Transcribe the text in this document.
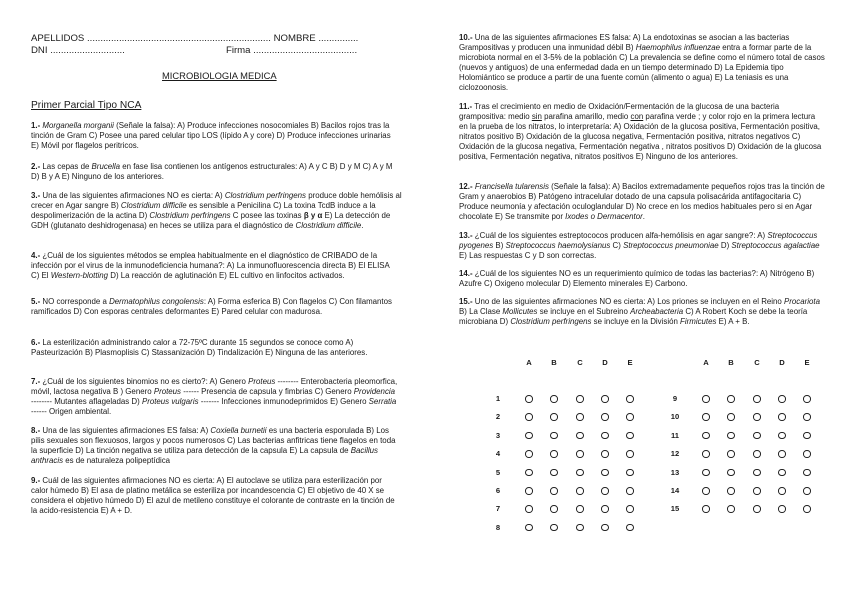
APELLIDOS ..................................................................... NOMBRE ...............
DNI ............................	Firma .......................................
MICROBIOLOGIA MEDICA
Primer Parcial Tipo NCA

1.- Morganella morganii (Señale la falsa): A) Produce infecciones nosocomiales B) Bacilos rojos tras la tinción de Gram C) Posee una pared celular tipo LOS (lípido A y core) D) Produce infecciones urinarias E) Móvil por flagelos peritricos.

2.- Las cepas de Brucella en fase lisa contienen los antígenos estructurales: A) A y C B) D y M C) A y M D) B y A E) Ninguno de los anteriores.

3.- Una de las siguientes afirmaciones NO es cierta: A) Clostridium perfringens produce doble hemólisis al crecer en Agar sangre B) Clostridium difficile es sensible a Penicilina C) La toxina TcdB induce a la despolimerización de la actina D) Clostridium perfringens C posee las toxinas β y α E) La detección de GDH (glutanato deshidrogenasa) en heces se utiliza para el diagnóstico de Clostridium difficile.

4.- ¿Cuál de los siguientes métodos se emplea habitualmente en el diagnóstico de CRIBADO de la infección por el virus de la inmunodeficiencia humana?: A) La inmunofluorescencia directa B) El ELISA C) El Western-blotting D) La reacción de aglutinación E) EL cultivo en linfocitos activados.

5.- NO corresponde a Dermatophilus congolensis: A) Forma esferica B) Con flagelos C) Con filamantos ramificados D) Con esporas centrales deformantes E) Pared celular con madurosa.

6.- La esterilización administrando calor a 72-75ºC durante 15 segundos se conoce como A) Pasteurización B) Plasmoplisis C) Stassanización D) Tindalización E) Ninguna de las anteriores.

7.- ¿Cuál de los siguientes binomios no es cierto?: A) Genero Proteus -------- Enterobacteria pleomorfica, móvil, lactosa negativa B ) Genero Proteus ------ Presencia de capsula y fimbrias C) Genero Providencia -------- Mutantes aflageladas D) Proteus vulgaris ------- Infecciones inmunodeprimidos E) Genero Serratia ------ Origen ambiental.

8.- Una de las siguientes afirmaciones ES falsa: A) Coxiella burnetii es una bacteria esporulada B) Los pilis sexuales son flexuosos, largos y pocos numerosos C) Las bacterias anfitricas tiene flagelos en toda la superficie D) La tinción negativa se utiliza para detección de la capsula E) La capsula de Bacillus anthracis es de naturaleza polipeptídica

9.- Cuál de las siguientes afirmaciones NO es cierta: A) El autoclave se utiliza para esterilización por calor húmedo B) El asa de platino metálica se esteriliza por incandescencia C) El objetivo de 40 X se considera el objetivo húmedo D) El azul de metileno constituye el colorante de contraste en la tinción de la acido-resistencia E) A + D.

10.- Una de las siguientes afirmaciones ES falsa: A) La endotoxinas se asocian a las bacterias Grampositivas y producen una inmunidad débil B) Haemophilus influenzae entra a formar parte de la microbiota normal en el 3-5% de la población C) La prevalencia se define como el número total de casos (nuevos y antiguos) de una enfermedad dada en un tiempo determinado D) La Epidemia tipo Holomiántico se produce a partir de una fuente común (alimento o agua) E) La teniasis es una ciclozoonosis.

11.- Tras el crecimiento en medio de Oxidación/Fermentación de la glucosa de una bacteria grampositiva: medio sin parafina amarillo, medio con parafina verde ; y color rojo en la primera lectura en la prueba de los nitratos, lo interpretaría: A) Oxidación de la glucosa positiva, Fermentación positiva, nitratos positivo B) Oxidación de la glucosa negativa, Fermentación positiva, nitratos negativos C) Oxidación de la glucosa negativa, Fermentación negativa , nitratos positivos D) Oxidación de la glucosa positiva, Fermentación negativa, nitratos positivos E) Ninguno de los anteriores.

12.- Francisella tularensis (Señale la falsa): A) Bacilos extremadamente pequeños rojos tras la tinción de Gram y anaerobios B) Patógeno intracelular dotado de una capsula polisacárida antifagocitaria C) Produce neumonía y afectación oculoglandular D) No crece en los medios habituales pero si en Agar chocolate E) Se transmite por Ixodes o Dermacentor.

13.- ¿Cuál de los siguientes estreptococos producen alfa-hemólisis en agar sangre?: A) Streptococcus pyogenes B) Streptococcus haemolysianus C) Streptococcus pneumoniae D) Streptococcus agalactiae E) Las respuestas C y D son correctas.

14.- ¿Cuál de los siguientes NO es un requerimiento químico de todas las bacterias?: A) Nitrógeno B) Azufre C) Oxigeno molecular D) Elemento minerales E) Carbono.

15.- Uno de las siguientes afirmaciones NO es cierta: A) Los priones se incluyen en el Reino Procariota B) La Clase Mollicutes se incluye en el Subreino Archeabacteria C) A Robert Koch se debe la teoría microbiana D) Clostridium perfringens se incluye en la División Firmicutes E) A + B.

A	B	C	D	E
1
2
3
4
5
6
7
8
A	B	C	D	E
9
10
11
12
13
14
15
